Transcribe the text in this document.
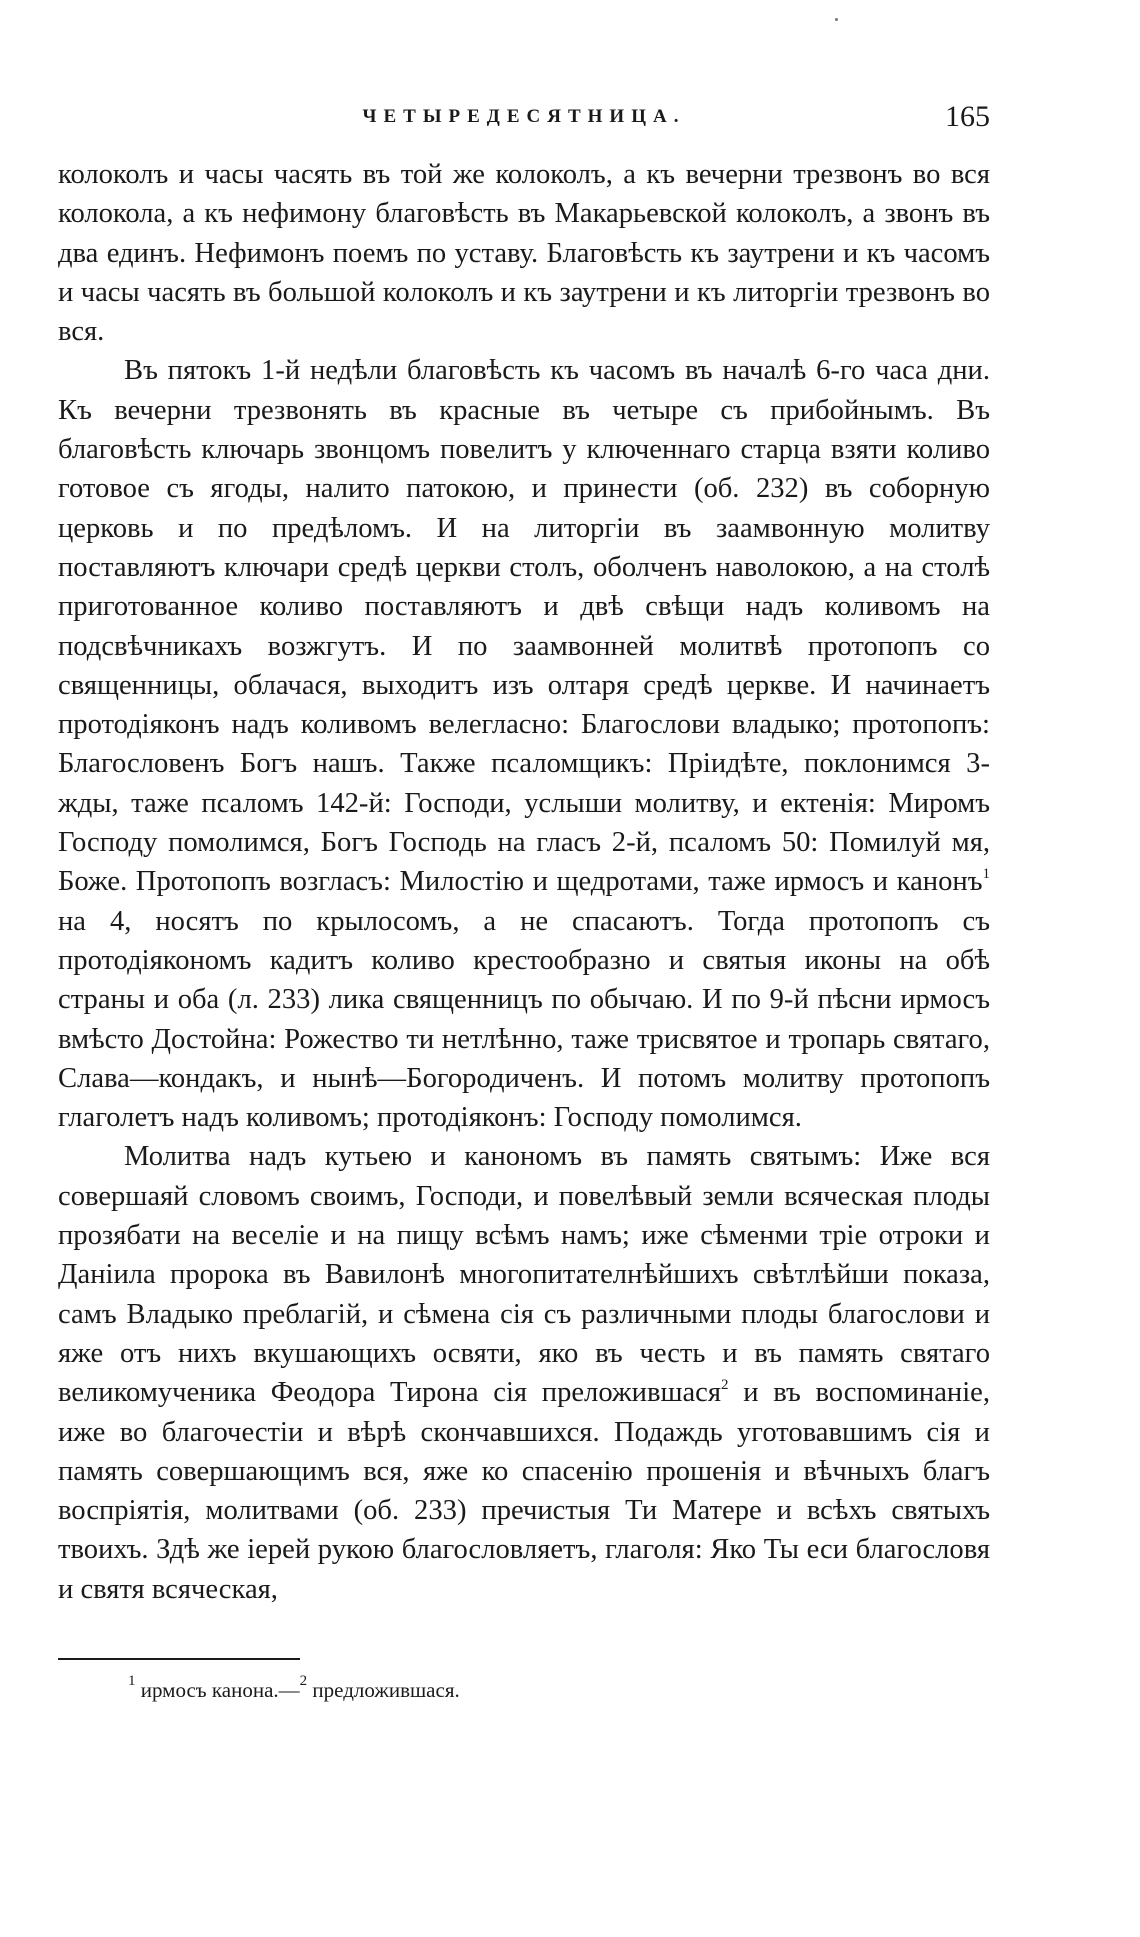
ЧЕТЫРЕДЕСЯТНИЦА.	165

колоколъ и часы часять въ той же колоколъ, а къ вечерни трезвонъ во вся колокола, а къ нефимону благовѣсть въ Макарьевской колоколъ, а звонъ въ два единъ. Нефимонъ поемъ по уставу. Благовѣсть къ заутрени и къ часомъ и часы часять въ большой колоколъ и къ заутрени и къ литоргіи трезвонъ во вся.

Въ пятокъ 1-й недѣли благовѣсть къ часомъ въ началѣ 6-го часа дни. Къ вечерни трезвонять въ красные въ четыре съ прибойнымъ. Въ благовѣсть ключарь звонцомъ повелитъ у ключеннаго старца взяти коливо готовое съ ягоды, налито патокою, и принести (об. 232) въ соборную церковь и по предѣломъ. И на литоргіи въ заамвонную молитву поставляютъ ключари средѣ церкви столъ, оболченъ наволокою, а на столѣ приготованное коливо поставляютъ и двѣ свѣщи надъ коливомъ на подсвѣчникахъ возжгутъ. И по заамвонней молитвѣ протопопъ со священницы, облачася, выходитъ изъ олтаря средѣ церкве. И начинаетъ протодіяконъ надъ коливомъ велегласно: Благослови владыко; протопопъ: Благословенъ Богъ нашъ. Также псаломщикъ: Пріидѣте, поклонимся 3-жды, таже псаломъ 142-й: Господи, услыши молитву, и ектенія: Миромъ Господу помолимся, Богъ Господь на гласъ 2-й, псаломъ 50: Помилуй мя, Боже. Протопопъ возгласъ: Милостію и щедротами, таже ирмосъ и канонъ$^1$ на 4, носятъ по крылосомъ, а не спасаютъ. Тогда протопопъ съ протодіякономъ кадитъ коливо крестообразно и святыя иконы на обѣ страны и оба (л. 233) лика священницъ по обычаю. И по 9-й пѣсни ирмосъ вмѣсто Достойна: Рожество ти нетлѣнно, таже трисвятое и тропарь святаго, Слава—кондакъ, и нынѣ—Богородиченъ. И потомъ молитву протопопъ глаголетъ надъ коливомъ; протодіяконъ: Господу помолимся.

Молитва надъ кутьею и канономъ въ память святымъ: Иже вся совершаяй словомъ своимъ, Господи, и повелѣвый земли всяческая плоды прозябати на веселіе и на пищу всѣмъ намъ; иже сѣменми тріе отроки и Даніила пророка въ Вавилонѣ многопитателнѣйшихъ свѣтлѣйши показа, самъ Владыко преблагій, и сѣмена сія съ различными плоды благослови и яже отъ нихъ вкушающихъ освяти, яко въ честь и въ память святаго великомученика Феодора Тирона сія преложившася$^2$ и въ воспоминаніе, иже во благочестіи и вѣрѣ скончавшихся. Подаждь уготовавшимъ сія и память совершающимъ вся, яже ко спасенію прошенія и вѣчныхъ благъ воспріятія, молитвами (об. 233) пречистыя Ти Матере и всѣхъ святыхъ твоихъ. Здѣ же іерей рукою благословляетъ, глаголя: Яко Ты еси благословя и святя всяческая,

$^1$ ирмосъ канона.—$^2$ предложившася.
